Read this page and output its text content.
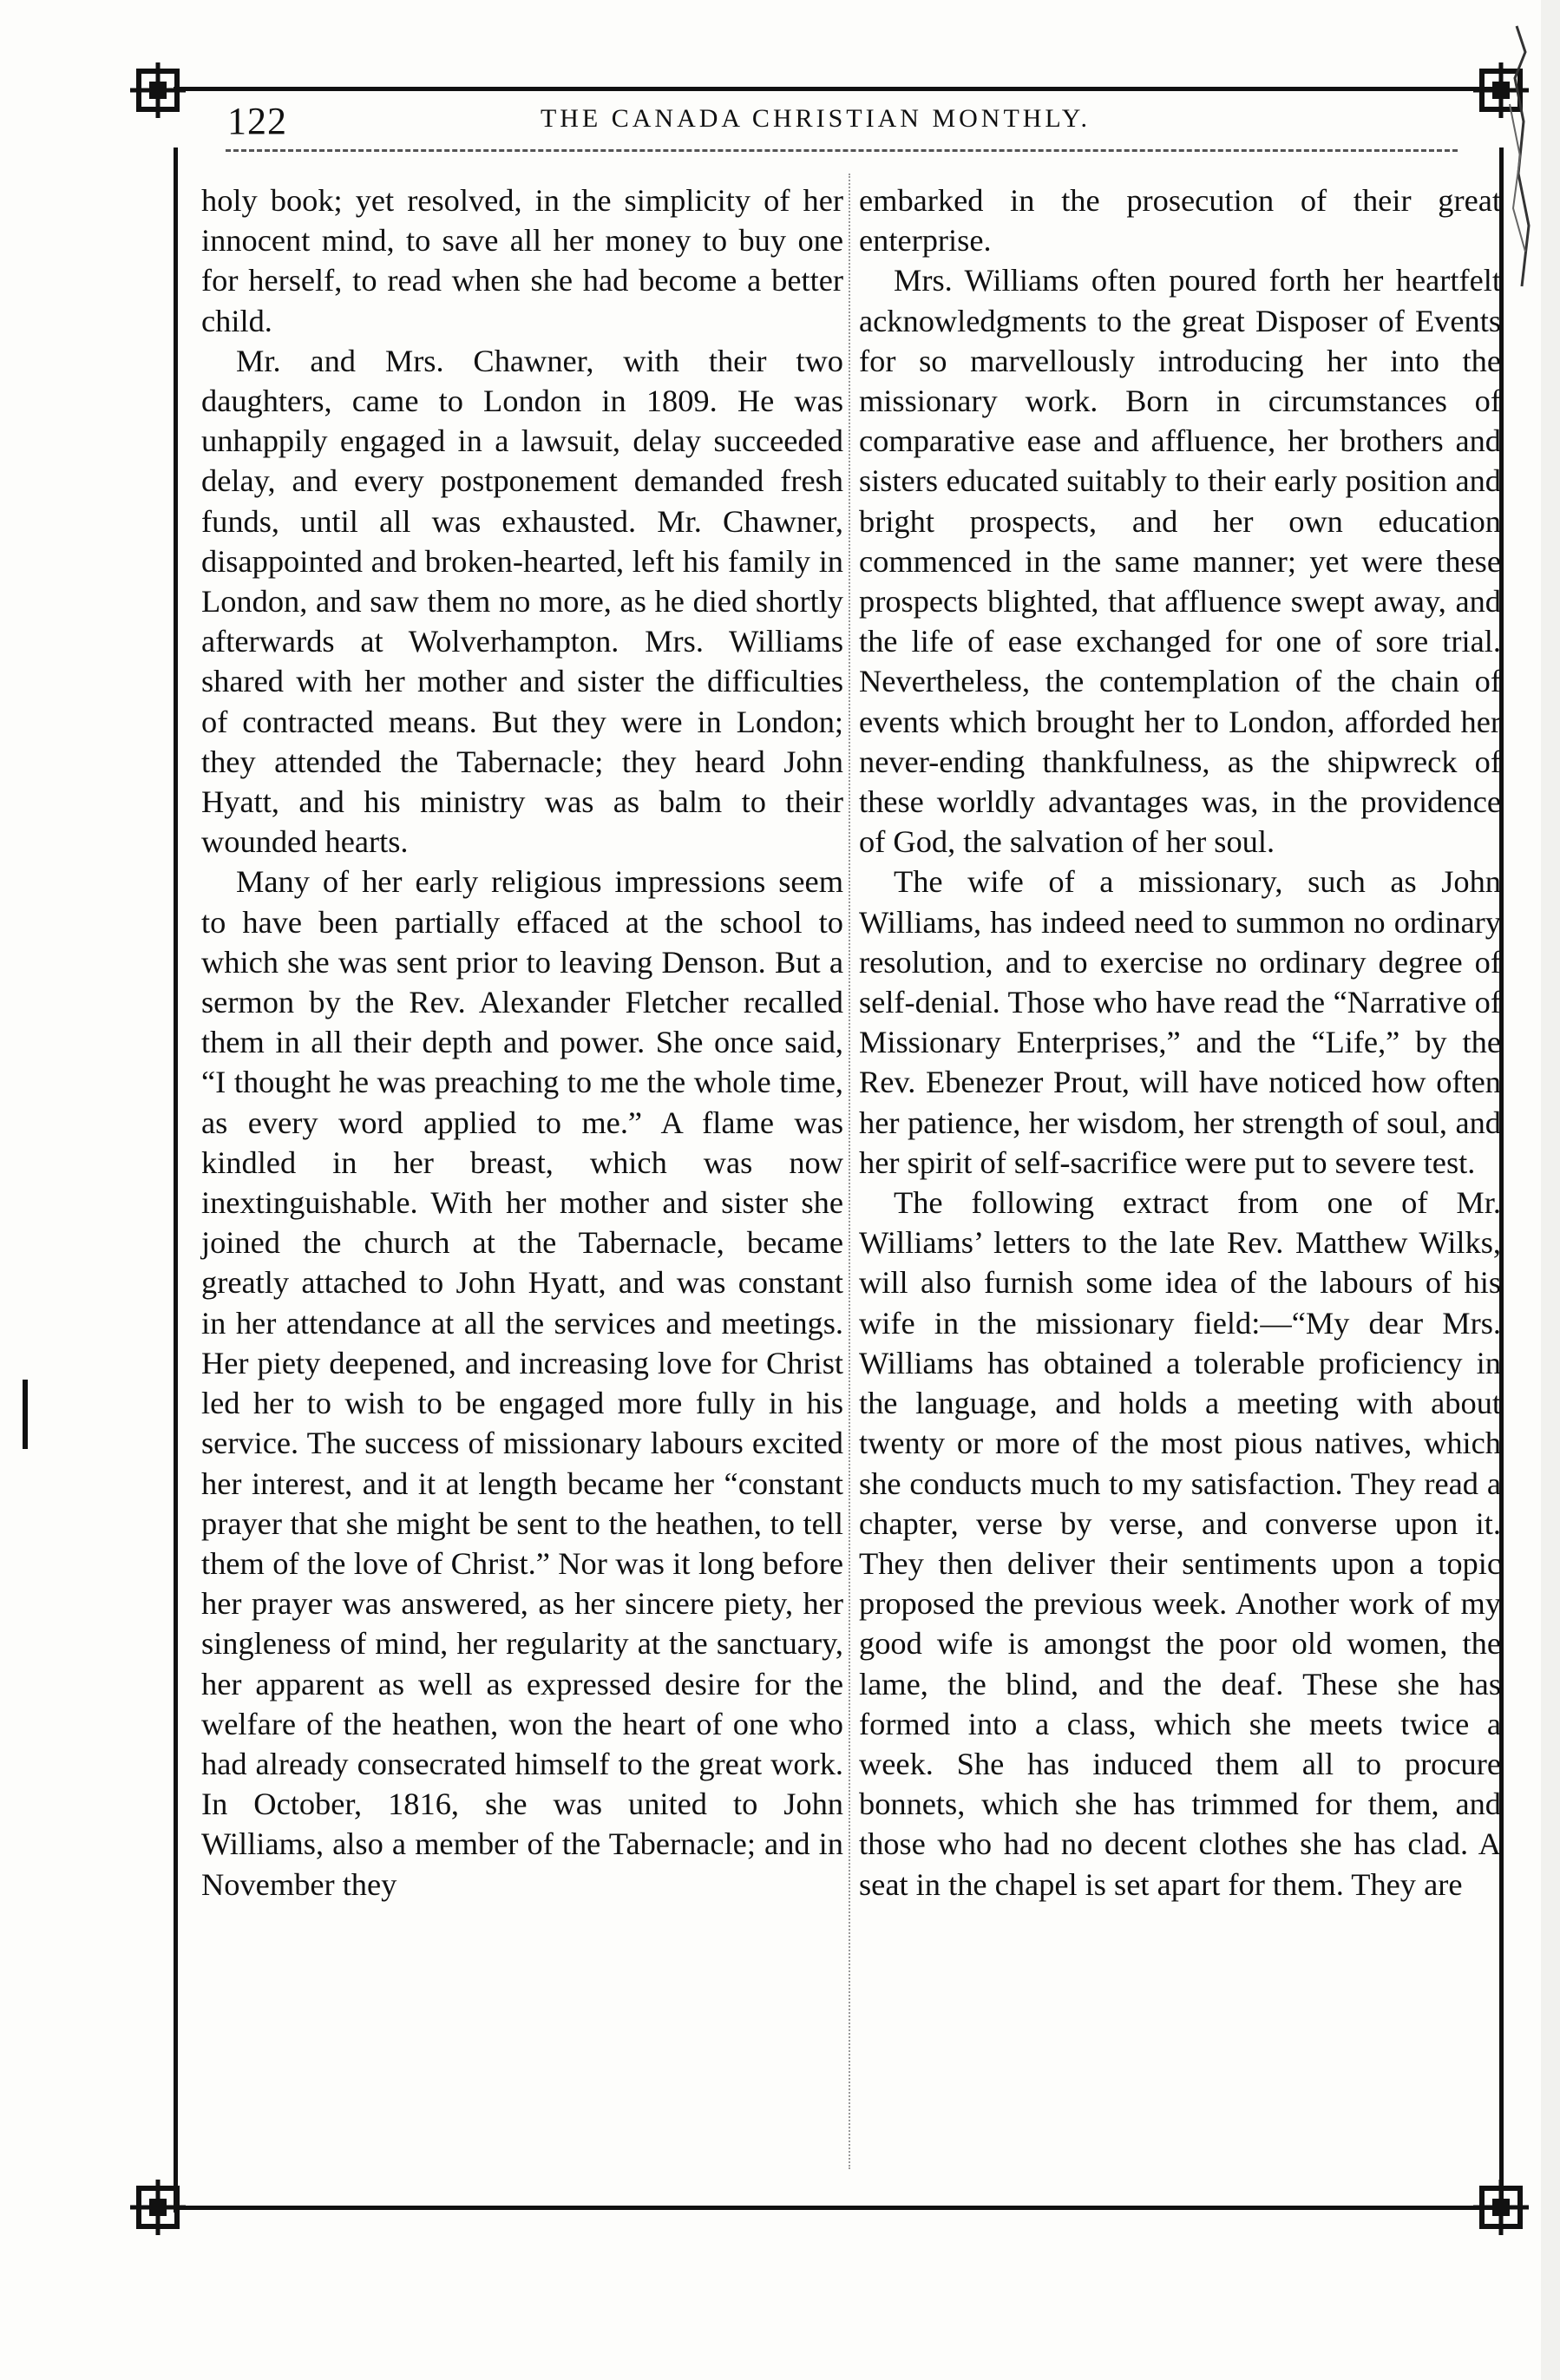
122	THE CANADA CHRISTIAN MONTHLY.

holy book; yet resolved, in the simplicity of her innocent mind, to save all her money to buy one for herself, to read when she had become a better child.

Mr. and Mrs. Chawner, with their two daughters, came to London in 1809. He was unhappily engaged in a lawsuit, delay succeeded delay, and every postponement demanded fresh funds, until all was exhausted. Mr. Chawner, disappointed and broken-hearted, left his family in London, and saw them no more, as he died shortly afterwards at Wolverhampton. Mrs. Williams shared with her mother and sister the difficulties of contracted means. But they were in London; they attended the Tabernacle; they heard John Hyatt, and his ministry was as balm to their wounded hearts.

Many of her early religious impressions seem to have been partially effaced at the school to which she was sent prior to leaving Denson. But a sermon by the Rev. Alexander Fletcher recalled them in all their depth and power. She once said, “I thought he was preaching to me the whole time, as every word applied to me.” A flame was kindled in her breast, which was now inextinguishable. With her mother and sister she joined the church at the Tabernacle, became greatly attached to John Hyatt, and was constant in her attendance at all the services and meetings. Her piety deepened, and increasing love for Christ led her to wish to be engaged more fully in his service. The success of missionary labours excited her interest, and it at length became her “constant prayer that she might be sent to the heathen, to tell them of the love of Christ.” Nor was it long before her prayer was answered, as her sincere piety, her singleness of mind, her regularity at the sanctuary, her apparent as well as expressed desire for the welfare of the heathen, won the heart of one who had already consecrated himself to the great work. In October, 1816, she was united to John Williams, also a member of the Tabernacle; and in November they

embarked in the prosecution of their great enterprise.

Mrs. Williams often poured forth her heartfelt acknowledgments to the great Disposer of Events for so marvellously introducing her into the missionary work. Born in circumstances of comparative ease and affluence, her brothers and sisters educated suitably to their early position and bright prospects, and her own education commenced in the same manner; yet were these prospects blighted, that affluence swept away, and the life of ease exchanged for one of sore trial. Nevertheless, the contemplation of the chain of events which brought her to London, afforded her never-ending thankfulness, as the shipwreck of these worldly advantages was, in the providence of God, the salvation of her soul.

The wife of a missionary, such as John Williams, has indeed need to summon no ordinary resolution, and to exercise no ordinary degree of self-denial. Those who have read the “Narrative of Missionary Enterprises,” and the “Life,” by the Rev. Ebenezer Prout, will have noticed how often her patience, her wisdom, her strength of soul, and her spirit of self-sacrifice were put to severe test.

The following extract from one of Mr. Williams’ letters to the late Rev. Matthew Wilks, will also furnish some idea of the labours of his wife in the missionary field:—“My dear Mrs. Williams has obtained a tolerable proficiency in the language, and holds a meeting with about twenty or more of the most pious natives, which she conducts much to my satisfaction. They read a chapter, verse by verse, and converse upon it. They then deliver their sentiments upon a topic proposed the previous week. Another work of my good wife is amongst the poor old women, the lame, the blind, and the deaf. These she has formed into a class, which she meets twice a week. She has induced them all to procure bonnets, which she has trimmed for them, and those who had no decent clothes she has clad. A seat in the chapel is set apart for them. They are
